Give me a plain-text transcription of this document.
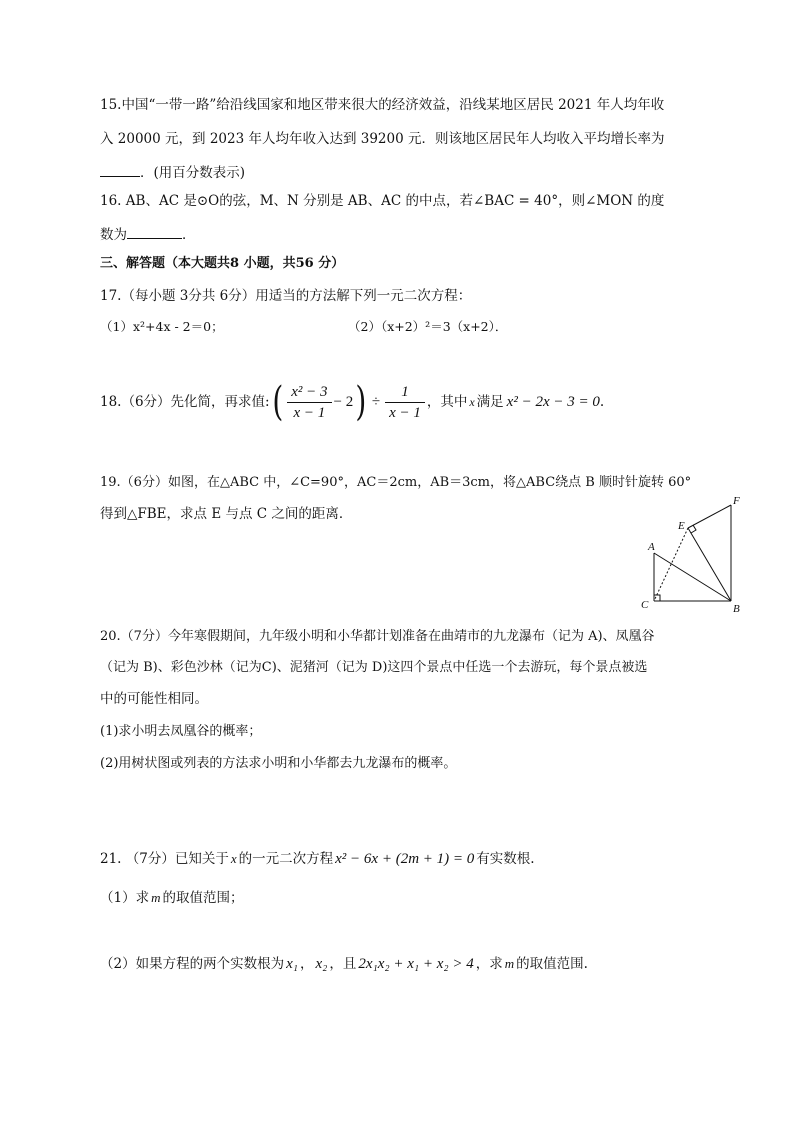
15.中国“一带一路”给沿线国家和地区带来很大的经济效益，沿线某地区居民 2021 年人均年收
入 20000 元，到 2023 年人均年收入达到 39200 元．则该地区居民年人均收入平均增长率为
．(用百分数表示)
16. AB、AC 是⊙O的弦，M、N 分别是 AB、AC 的中点，若∠BAC = 40°，则∠MON 的度
数为	．
三、解答题（本大题共8 小题，共56 分）
17.（每小题 3分共 6分）用适当的方法解下列一元二次方程：
（1）x²+4x - 2＝0；	（2）（x+2）²＝3（x+2）．
18.（6分）先化简，再求值: ( $\frac{\text{x² − 3}}{x - 1} - 2$ ) ÷ $\frac{1}{x - 1}$ ，其中 x 满足 x² − 2x − 3 = 0 .
19.（6分）如图，在△ABC 中，∠C=90°，AC＝2cm，AB＝3cm，将△ABC绕点 B 顺时针旋转 60°
得到△FBE，求点 E 与点 C 之间的距离．
A
B
C
E
F
20.（7分）今年寒假期间，九年级小明和小华都计划准备在曲靖市的九龙瀑布（记为 A)、凤凰谷
（记为 B)、彩色沙林（记为C)、泥猪河（记为 D)这四个景点中任选一个去游玩，每个景点被选
中的可能性相同。
(1)求小明去凤凰谷的概率；
(2)用树状图或列表的方法求小明和小华都去九龙瀑布的概率。
21. （7分）已知关于 x 的一元二次方程 x² − 6x + (2m + 1) = 0 有实数根.
（1）求 m 的取值范围；
（2）如果方程的两个实数根为 x₁ ， x₂ ，且 2x₁x₂ + x₁ + x₂ > 4 ，求 m 的取值范围.
